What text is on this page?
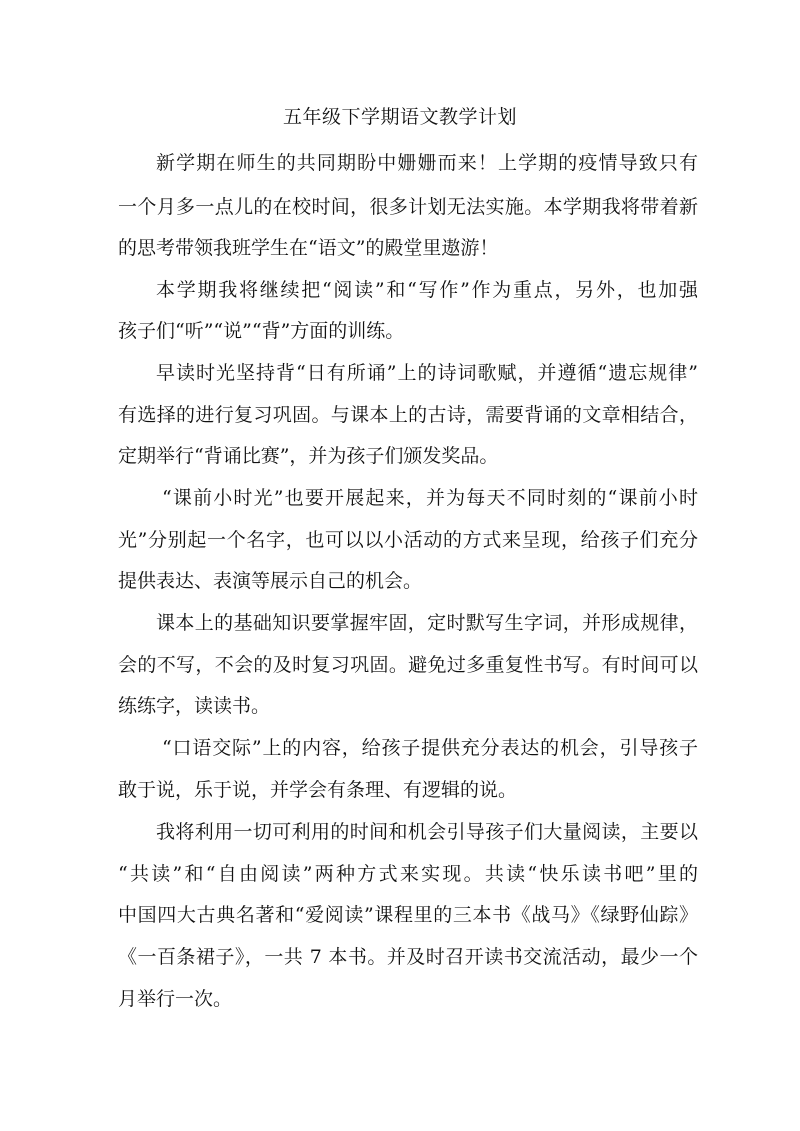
五年级下学期语文教学计划
新学期在师生的共同期盼中姗姗而来！上学期的疫情导致只有
一个月多一点儿的在校时间，很多计划无法实施。本学期我将带着新
的思考带领我班学生在“语文”的殿堂里遨游！
本学期我将继续把“阅读”和“写作”作为重点，另外，也加强
孩子们“听”“说”“背”方面的训练。
早读时光坚持背“日有所诵”上的诗词歌赋，并遵循“遗忘规律”
有选择的进行复习巩固。与课本上的古诗，需要背诵的文章相结合，
定期举行“背诵比赛”，并为孩子们颁发奖品。
“课前小时光”也要开展起来，并为每天不同时刻的“课前小时
光”分别起一个名字，也可以以小活动的方式来呈现，给孩子们充分
提供表达、表演等展示自己的机会。
课本上的基础知识要掌握牢固，定时默写生字词，并形成规律，
会的不写，不会的及时复习巩固。避免过多重复性书写。有时间可以
练练字，读读书。
“口语交际”上的内容，给孩子提供充分表达的机会，引导孩子
敢于说，乐于说，并学会有条理、有逻辑的说。
我将利用一切可利用的时间和机会引导孩子们大量阅读，主要以
“共读”和“自由阅读”两种方式来实现。共读“快乐读书吧”里的
中国四大古典名著和“爱阅读”课程里的三本书《战马》《绿野仙踪》
《一百条裙子》，一共 7 本书。并及时召开读书交流活动，最少一个
月举行一次。
